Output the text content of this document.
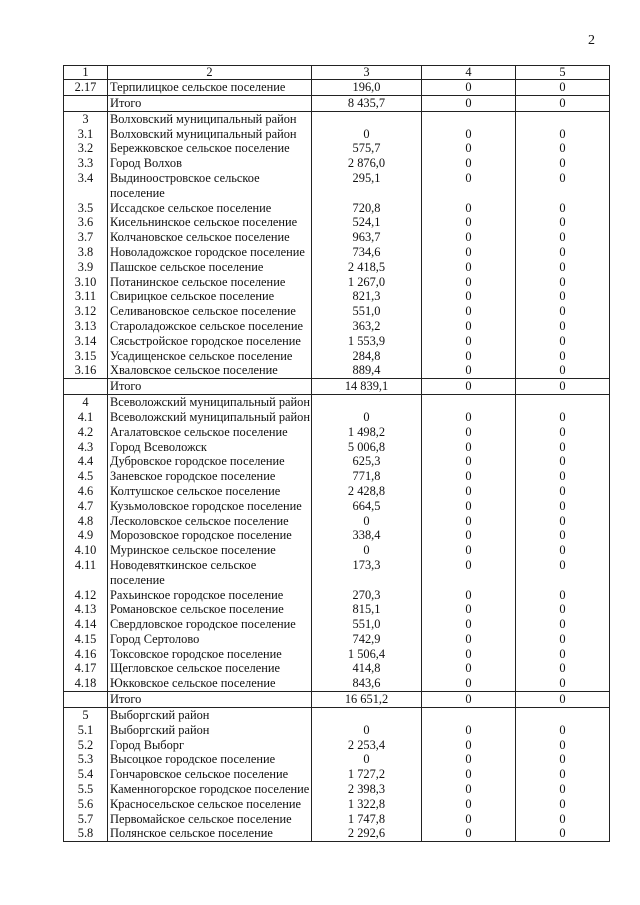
2
1	2	3	4	5
2.17	Терпилицкое сельское поселение	196,0	0	0
	Итого	8 435,7	0	0
3	Волховский муниципальный район			
3.1	Волховский муниципальный район	0	0	0
3.2	Бережковское сельское поселение	575,7	0	0
3.3	Город Волхов	2 876,0	0	0
3.4	Выдиноостровское сельское поселение	295,1	0	0
3.5	Иссадское сельское поселение	720,8	0	0
3.6	Кисельнинское сельское поселение	524,1	0	0
3.7	Колчановское сельское поселение	963,7	0	0
3.8	Новоладожское городское поселение	734,6	0	0
3.9	Пашское сельское поселение	2 418,5	0	0
3.10	Потанинское сельское поселение	1 267,0	0	0
3.11	Свирицкое сельское поселение	821,3	0	0
3.12	Селивановское сельское поселение	551,0	0	0
3.13	Староладожское сельское поселение	363,2	0	0
3.14	Сясьстройское городское поселение	1 553,9	0	0
3.15	Усадищенское сельское поселение	284,8	0	0
3.16	Хваловское сельское поселение	889,4	0	0
	Итого	14 839,1	0	0
4	Всеволожский муниципальный район			
4.1	Всеволожский муниципальный район	0	0	0
4.2	Агалатовское сельское поселение	1 498,2	0	0
4.3	Город Всеволожск	5 006,8	0	0
4.4	Дубровское городское поселение	625,3	0	0
4.5	Заневское городское поселение	771,8	0	0
4.6	Колтушское сельское поселение	2 428,8	0	0
4.7	Кузьмоловское городское поселение	664,5	0	0
4.8	Лесколовское сельское поселение	0	0	0
4.9	Морозовское городское поселение	338,4	0	0
4.10	Муринское сельское поселение	0	0	0
4.11	Новодевяткинское сельское поселение	173,3	0	0
4.12	Рахьинское городское поселение	270,3	0	0
4.13	Романовское сельское поселение	815,1	0	0
4.14	Свердловское городское поселение	551,0	0	0
4.15	Город Сертолово	742,9	0	0
4.16	Токсовское городское поселение	1 506,4	0	0
4.17	Щегловское сельское поселение	414,8	0	0
4.18	Юкковское сельское поселение	843,6	0	0
	Итого	16 651,2	0	0
5	Выборгский район			
5.1	Выборгский район	0	0	0
5.2	Город Выборг	2 253,4	0	0
5.3	Высоцкое городское поселение	0	0	0
5.4	Гончаровское сельское поселение	1 727,2	0	0
5.5	Каменногорское городское поселение	2 398,3	0	0
5.6	Красносельское сельское поселение	1 322,8	0	0
5.7	Первомайское сельское поселение	1 747,8	0	0
5.8	Полянское сельское поселение	2 292,6	0	0
